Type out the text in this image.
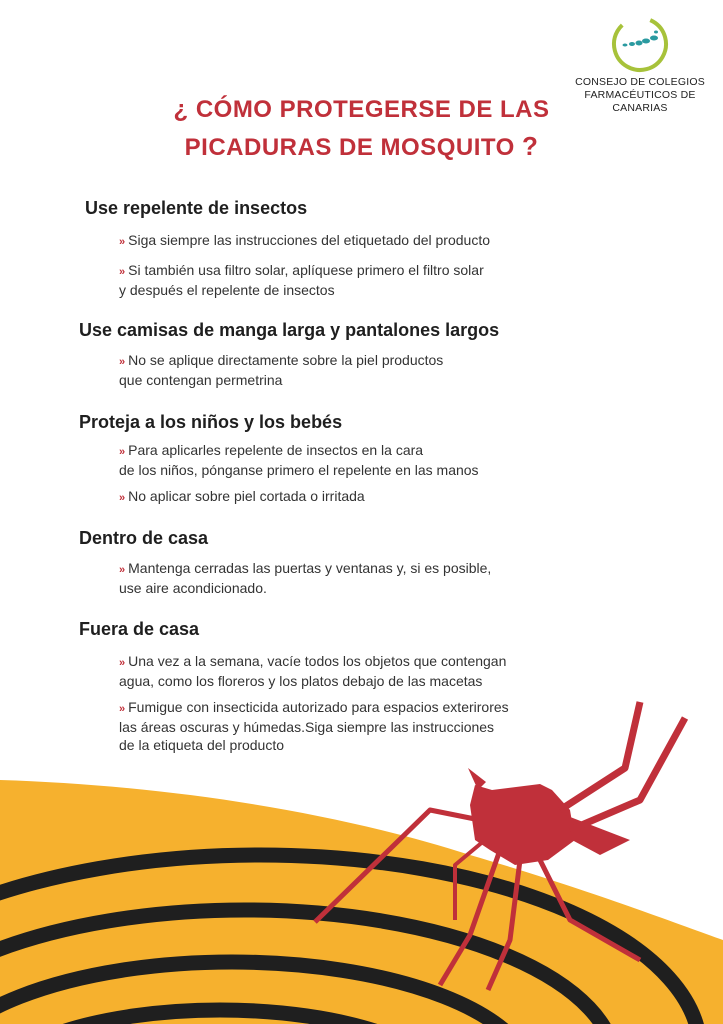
CONSEJO DE COLEGIOS
FARMACÉUTICOS DE CANARIAS
¿ CÓMO PROTEGERSE DE LAS
PICADURAS DE MOSQUITO ?
Use repelente de insectos
» Siga siempre las instrucciones del etiquetado del producto
» Si también usa filtro solar, aplíquese primero el filtro solar
y después el repelente de insectos
Use camisas de manga larga y pantalones largos
» No se aplique directamente sobre la piel productos
que contengan permetrina
Proteja a los niños y los bebés
» Para aplicarles repelente de insectos en la cara
de los niños, pónganse primero el repelente en las manos
» No aplicar sobre piel cortada o irritada
Dentro de casa
» Mantenga cerradas las puertas y ventanas y, si es posible,
use aire acondicionado.
Fuera de casa
» Una vez a la semana, vacíe todos los objetos que contengan
agua, como los floreros y los platos debajo de las macetas
» Fumigue con insecticida autorizado para espacios exterirores
las áreas oscuras y húmedas.Siga siempre las instrucciones
de la etiqueta del producto
